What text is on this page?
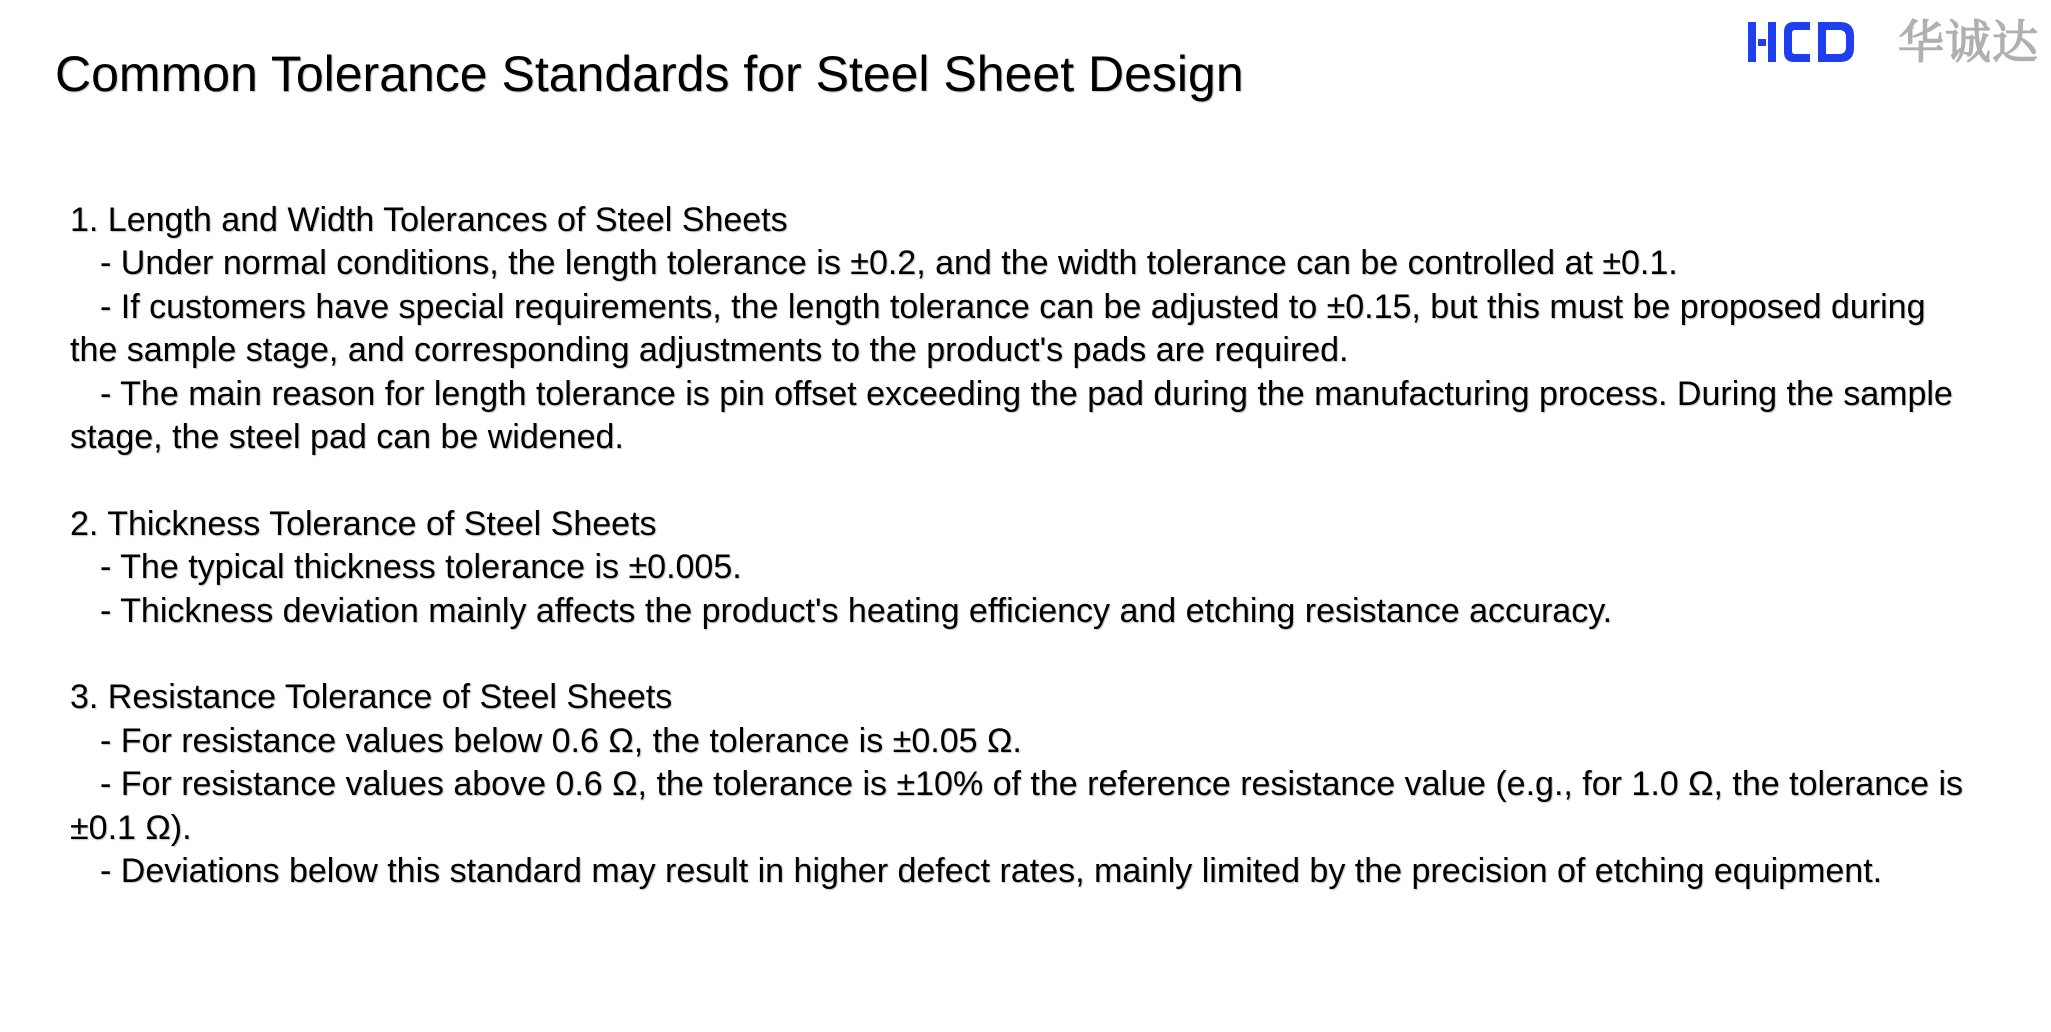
Common Tolerance Standards for Steel Sheet Design
华诚达

1. Length and Width Tolerances of Steel Sheets

- Under normal conditions, the length tolerance is ±0.2, and the width tolerance can be controlled at ±0.1.

- If customers have special requirements, the length tolerance can be adjusted to ±0.15, but this must be proposed during the sample stage, and corresponding adjustments to the product's pads are required.

- The main reason for length tolerance is pin offset exceeding the pad during the manufacturing process. During the sample stage, the steel pad can be widened.

2. Thickness Tolerance of Steel Sheets

- The typical thickness tolerance is ±0.005.

- Thickness deviation mainly affects the product's heating efficiency and etching resistance accuracy.

3. Resistance Tolerance of Steel Sheets

- For resistance values below 0.6 Ω, the tolerance is ±0.05 Ω.

- For resistance values above 0.6 Ω, the tolerance is ±10% of the reference resistance value (e.g., for 1.0 Ω, the tolerance is ±0.1 Ω).

- Deviations below this standard may result in higher defect rates, mainly limited by the precision of etching equipment.
